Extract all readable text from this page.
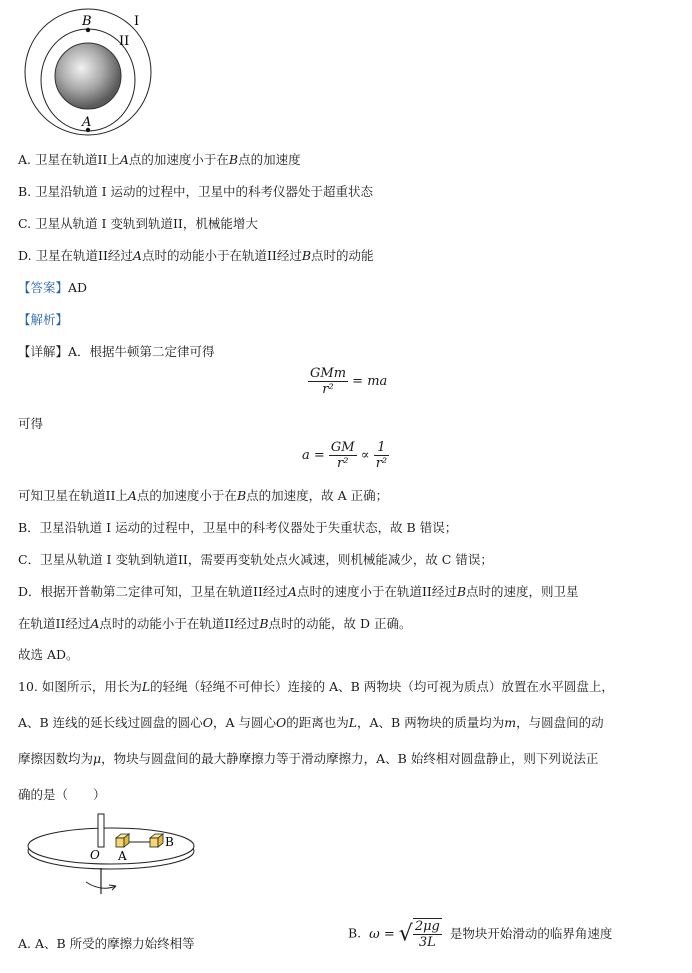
B	I
II
A
A. 卫星在轨道II上A点的加速度小于在B点的加速度
B. 卫星沿轨道 I 运动的过程中，卫星中的科考仪器处于超重状态
C. 卫星从轨道 I 变轨到轨道II，机械能增大
D. 卫星在轨道II经过A点时的动能小于在轨道II经过B点时的动能
【答案】AD
【解析】
【详解】A．根据牛顿第二定律可得
$\frac{\text{GMm}}{\text{r²}}$ = ma
可得
$a = \frac{GM}{\text{r²}} \propto \frac{1}{\text{r²}}$
可知卫星在轨道II上A点的加速度小于在B点的加速度，故 A 正确；
B．卫星沿轨道 I 运动的过程中，卫星中的科考仪器处于失重状态，故 B 错误；
C．卫星从轨道 I 变轨到轨道II，需要再变轨处点火减速，则机械能减少，故 C 错误；
D．根据开普勒第二定律可知，卫星在轨道II经过A点时的速度小于在轨道II经过B点时的速度，则卫星
在轨道II经过A点时的动能小于在轨道II经过B点时的动能，故 D 正确。
故选 AD。
10. 如图所示，用长为L的轻绳（轻绳不可伸长）连接的 A、B 两物块（均可视为质点）放置在水平圆盘上，
A、B 连线的延长线过圆盘的圆心O，A 与圆心O的距离也为L，A、B 两物块的质量均为m，与圆盘间的动
摩擦因数均为μ，物块与圆盘间的最大静摩擦力等于滑动摩擦力，A、B 始终相对圆盘静止，则下列说法正
确的是（　　）
O A
B
A. A、B 所受的摩擦力始终相等
B. ω = √ $\frac{2\mu g}{3L}$ 是物块开始滑动的临界角速度
